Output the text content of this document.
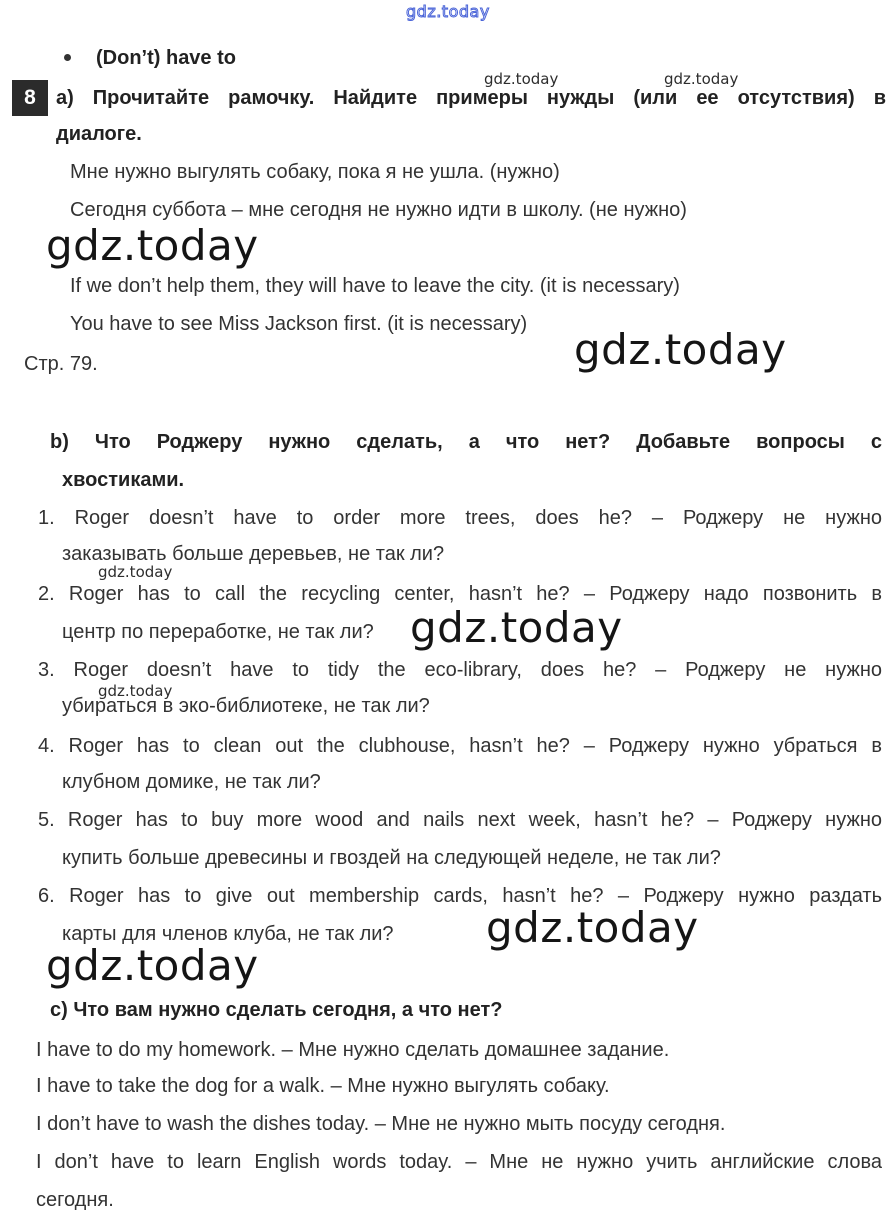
gdz.today
(Don’t) have to
8
gdz.today	gdz.today
a) Прочитайте рамочку. Найдите примеры нужды (или ее отсутствия) в
диалоге.
Мне нужно выгулять собаку, пока я не ушла. (нужно)
Сегодня суббота – мне сегодня не нужно идти в школу. (не нужно)
gdz.today
If we don’t help them, they will have to leave the city. (it is necessary)
You have to see Miss Jackson first. (it is necessary)
gdz.today
Стр. 79.
b) Что Роджеру нужно сделать, а что нет? Добавьте вопросы с
хвостиками.
1. Roger doesn’t have to order more trees, does he? – Роджеру не нужно
заказывать больше деревьев, не так ли?
gdz.today
2. Roger has to call the recycling center, hasn’t he? – Роджеру надо позвонить в
центр по переработке, не так ли? gdz.today
3. Roger doesn’t have to tidy the eco-library, does he? – Роджеру не нужно
gdz.today
убираться в эко-библиотеке, не так ли?
4. Roger has to clean out the clubhouse, hasn’t he? – Роджеру нужно убраться в
клубном домике, не так ли?
5. Roger has to buy more wood and nails next week, hasn’t he? – Роджеру нужно
купить больше древесины и гвоздей на следующей неделе, не так ли?
6. Roger has to give out membership cards, hasn’t he? – Роджеру нужно раздать
карты для членов клуба, не так ли? gdz.today
gdz.today
c) Что вам нужно сделать сегодня, а что нет?
I have to do my homework. – Мне нужно сделать домашнее задание.
I have to take the dog for a walk. – Мне нужно выгулять собаку.
I don’t have to wash the dishes today. – Мне не нужно мыть посуду сегодня.
I don’t have to learn English words today. – Мне не нужно учить английские слова
сегодня.
